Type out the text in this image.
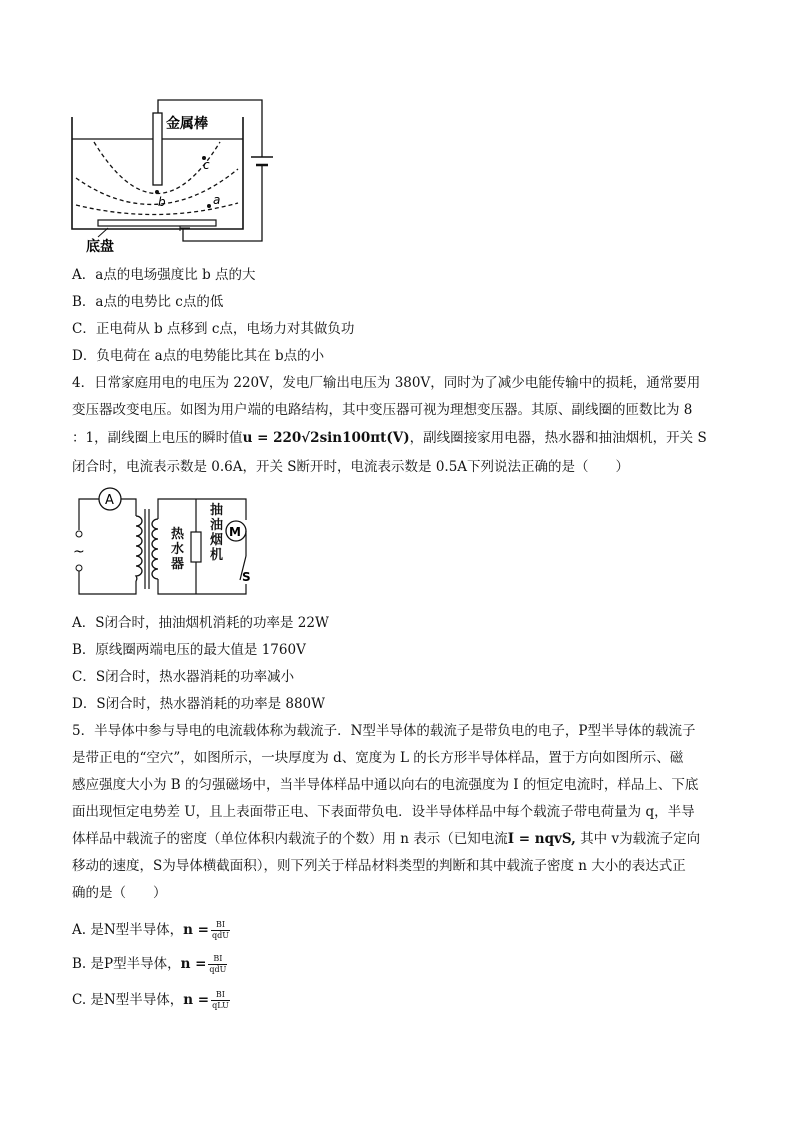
金属棒
b
c
a
底盘
A．a点的电场强度比 b 点的大
B．a点的电势比 c点的低
C．正电荷从 b 点移到 c点，电场力对其做负功
D．负电荷在 a点的电势能比其在 b点的小
4．日常家庭用电的电压为 220V，发电厂输出电压为 380V，同时为了减少电能传输中的损耗，通常要用
变压器改变电压。如图为用户端的电路结构，其中变压器可视为理想变压器。其原、副线圈的匝数比为 8
：1，副线圈上电压的瞬时值u = 220√2sin100πt(V)，副线圈接家用电器，热水器和抽油烟机，开关 S
闭合时，电流表示数是 0.6A，开关 S断开时，电流表示数是 0.5A下列说法正确的是（　　）
A
~
M
S
热水器
抽油烟机
A．S闭合时，抽油烟机消耗的功率是 22W
B．原线圈两端电压的最大值是 1760V
C．S闭合时，热水器消耗的功率减小
D．S闭合时，热水器消耗的功率是 880W
5．半导体中参与导电的电流载体称为载流子．N型半导体的载流子是带负电的电子，P型半导体的载流子
是带正电的“空穴”，如图所示，一块厚度为 d、宽度为 L 的长方形半导体样品，置于方向如图所示、磁
感应强度大小为 B 的匀强磁场中，当半导体样品中通以向右的电流强度为 I 的恒定电流时，样品上、下底
面出现恒定电势差 U，且上表面带正电、下表面带负电．设半导体样品中每个载流子带电荷量为 q，半导
体样品中载流子的密度（单位体积内载流子的个数）用 n 表示（已知电流I = nqvS, 其中 v为载流子定向
移动的速度，S为导体横截面积），则下列关于样品材料类型的判断和其中载流子密度 n 大小的表达式正
确的是（　　）
A. 是N型半导体，$n = \frac{BI}{\text{qdU}}$
B. 是P型半导体，$n = \frac{BI}{\text{qdU}}$
C. 是N型半导体，$n = \frac{BI}{\text{qLU}}$
